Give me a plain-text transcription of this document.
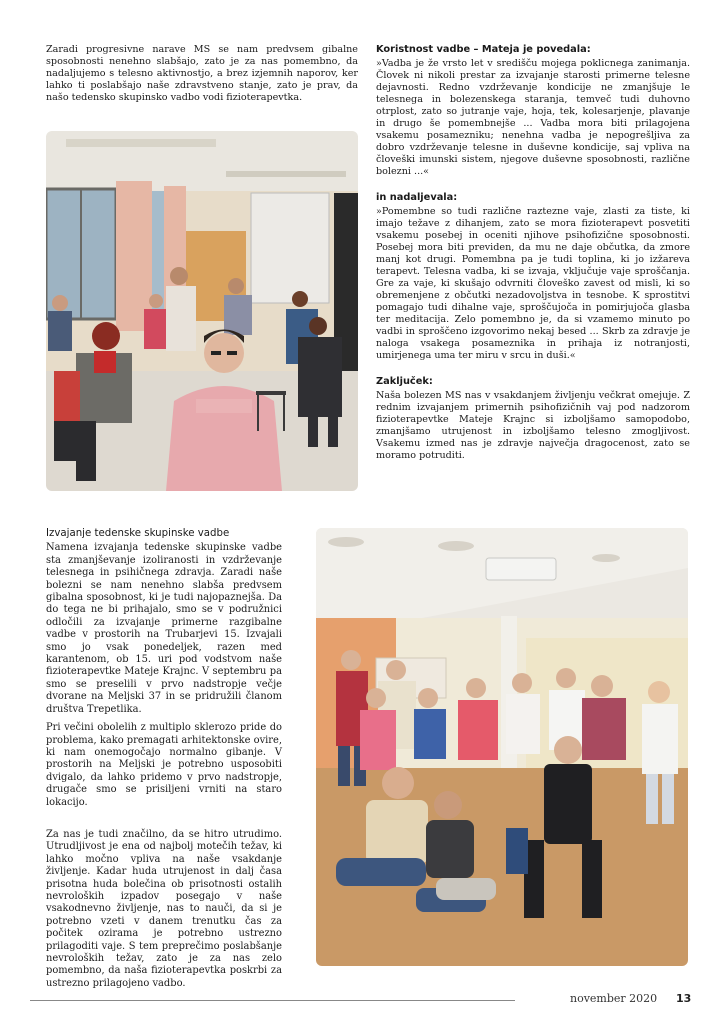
Zaradi progresivne narave MS se nam predvsem gibalne sposobnosti nenehno slabšajo, zato je za nas pomembno, da nadaljujemo s telesno aktivnostjo, a brez izjemnih naporov, ker lahko ti poslabšajo naše zdravstveno stanje, zato je prav, da našo tedensko skupinsko vadbo vodi fizioterapevtka.

Koristnost vadbe – Mateja je povedala:

»Vadba je že vrsto let v središču mojega poklicnega zanimanja. Človek ni nikoli prestar za izvajanje starosti primerne telesne dejavnosti. Redno vzdrževanje kondicije ne zmanjšuje le telesnega in bolezenskega staranja, temveč tudi duhovno otrplost, zato so jutranje vaje, hoja, tek, kolesarjenje, plavanje in drugo še pomembnejše ... Vadba mora biti prilagojena vsakemu posamezniku; nenehna vadba je nepogrešljiva za dobro vzdrževanje telesne in duševne kondicije, saj vpliva na človeški imunski sistem, njegove duševne sposobnosti, različne bolezni ...«

in nadaljevala:

»Pomembne so tudi različne raztezne vaje, zlasti za tiste, ki imajo težave z dihanjem, zato se mora fizioterapevt posvetiti vsakemu posebej in oceniti njihove psihofizične sposobnosti. Posebej mora biti previden, da mu ne daje občutka, da zmore manj kot drugi. Pomembna pa je tudi toplina, ki jo izžareva terapevt. Telesna vadba, ki se izvaja, vključuje vaje sproščanja. Gre za vaje, ki skušajo odvrniti človeško zavest od misli, ki so obremenjene z občutki nezadovoljstva in tesnobe. K sprostitvi pomagajo tudi dihalne vaje, sproščujoča in pomirjujoča glasba ter meditacija. Zelo pomembno je, da si vzamemo minuto po vadbi in sproščeno izgovorimo nekaj besed ... Skrb za zdravje je naloga vsakega posameznika in prihaja iz notranjosti, umirjenega uma ter miru v srcu in duši.«

Zaključek:

Naša bolezen MS nas v vsakdanjem življenju večkrat omejuje. Z rednim izvajanjem primernih psihofizičnih vaj pod nadzorom fizioterapevtke Mateje Krajnc si izboljšamo samopodobo, zmanjšamo utrujenost in izboljšamo telesno zmogljivost. Vsakemu izmed nas je zdravje največja dragocenost, zato se moramo potruditi.

Izvajanje tedenske skupinske vadbe

Namena izvajanja tedenske skupinske vadbe sta zmanjševanje izoliranosti in vzdrževanje telesnega in psihičnega zdravja. Zaradi naše bolezni se nam nenehno slabša predvsem gibalna sposobnost, ki je tudi najopaznejša. Da do tega ne bi prihajalo, smo se v podružnici odločili za izvajanje primerne razgibalne vadbe v prostorih na Trubarjevi 15. Izvajali smo jo vsak ponedeljek, razen med karantenom, ob 15. uri pod vodstvom naše fizioterapevtke Mateje Krajnc. V septembru pa smo se preselili v prvo nadstropje večje dvorane na Meljski 37 in se pridružili članom društva Trepetlika.

Pri večini obolelih z multiplo sklerozo pride do problema, kako premagati arhitektonske ovire, ki nam onemogočajo normalno gibanje. V prostorih na Meljski je potrebno usposobiti dvigalo, da lahko pridemo v prvo nadstropje, drugače smo se prisiljeni vrniti na staro lokacijo.

Za nas je tudi značilno, da se hitro utrudimo. Utrudljivost je ena od najbolj motečih težav, ki lahko močno vpliva na naše vsakdanje življenje. Kadar huda utrujenost in dalj časa prisotna huda bolečina ob prisotnosti ostalih nevroloških izpadov posegajo v naše vsakodnevno življenje, nas to nauči, da si je potrebno vzeti v danem trenutku čas za počitek ozirama je potrebno ustrezno prilagoditi vaje. S tem preprečimo poslabšanje nevroloških težav, zato je za nas zelo pomembno, da naša fizioterapevtka poskrbi za ustrezno prilagojeno vadbo.

november 2020 13
